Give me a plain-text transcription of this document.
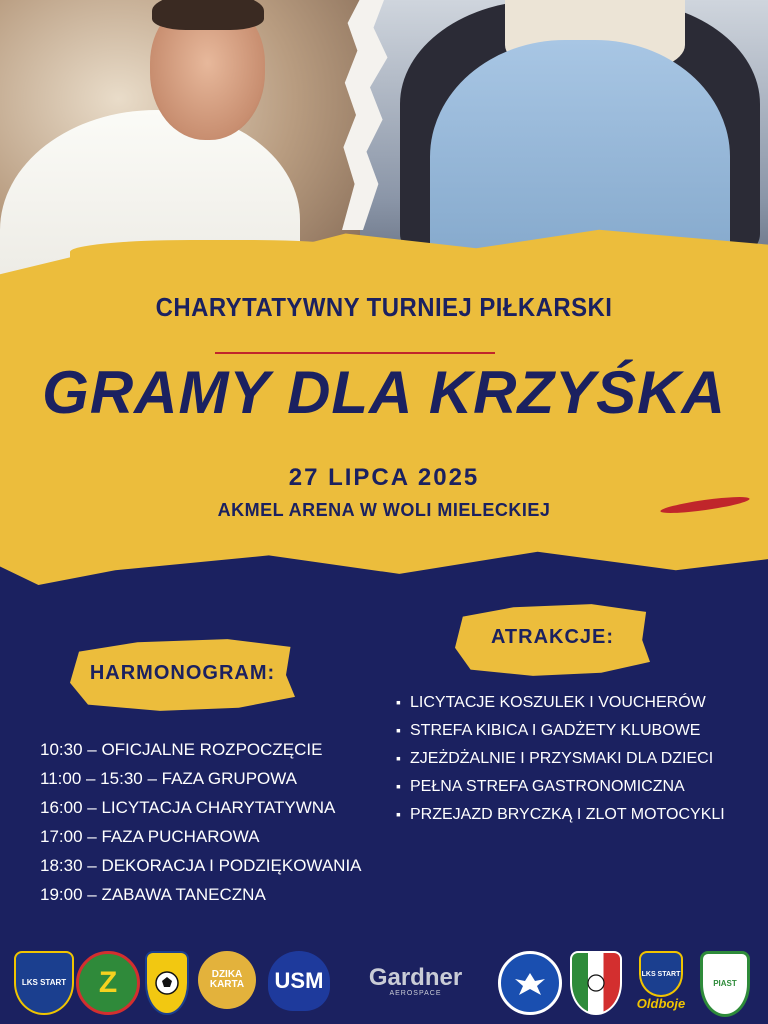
CHARYTATYWNY TURNIEJ PIŁKARSKI
GRAMY DLA KRZYŚKA
27 LIPCA 2025
AKMEL ARENA W WOLI MIELECKIEJ
HARMONOGRAM:
ATRAKCJE:
10:30 – OFICJALNE ROZPOCZĘCIE
11:00 – 15:30 – FAZA GRUPOWA
16:00 – LICYTACJA CHARYTATYWNA
17:00 – FAZA PUCHAROWA
18:30 – DEKORACJA I PODZIĘKOWANIA
19:00 – ZABAWA TANECZNA
▪ LICYTACJE KOSZULEK I VOUCHERÓW
▪ STREFA KIBICA I GADŻETY KLUBOWE
▪ ZJEŻDŻALNIE I PRZYSMAKI DLA DZIECI
▪ PEŁNA STREFA GASTRONOMICZNA
▪ PRZEJAZD BRYCZKĄ I ZLOT MOTOCYKLI
LKS START Z	DZIKA KARTA USM Gardner
AEROSPACE
LKS START
Oldboje
PIAST
